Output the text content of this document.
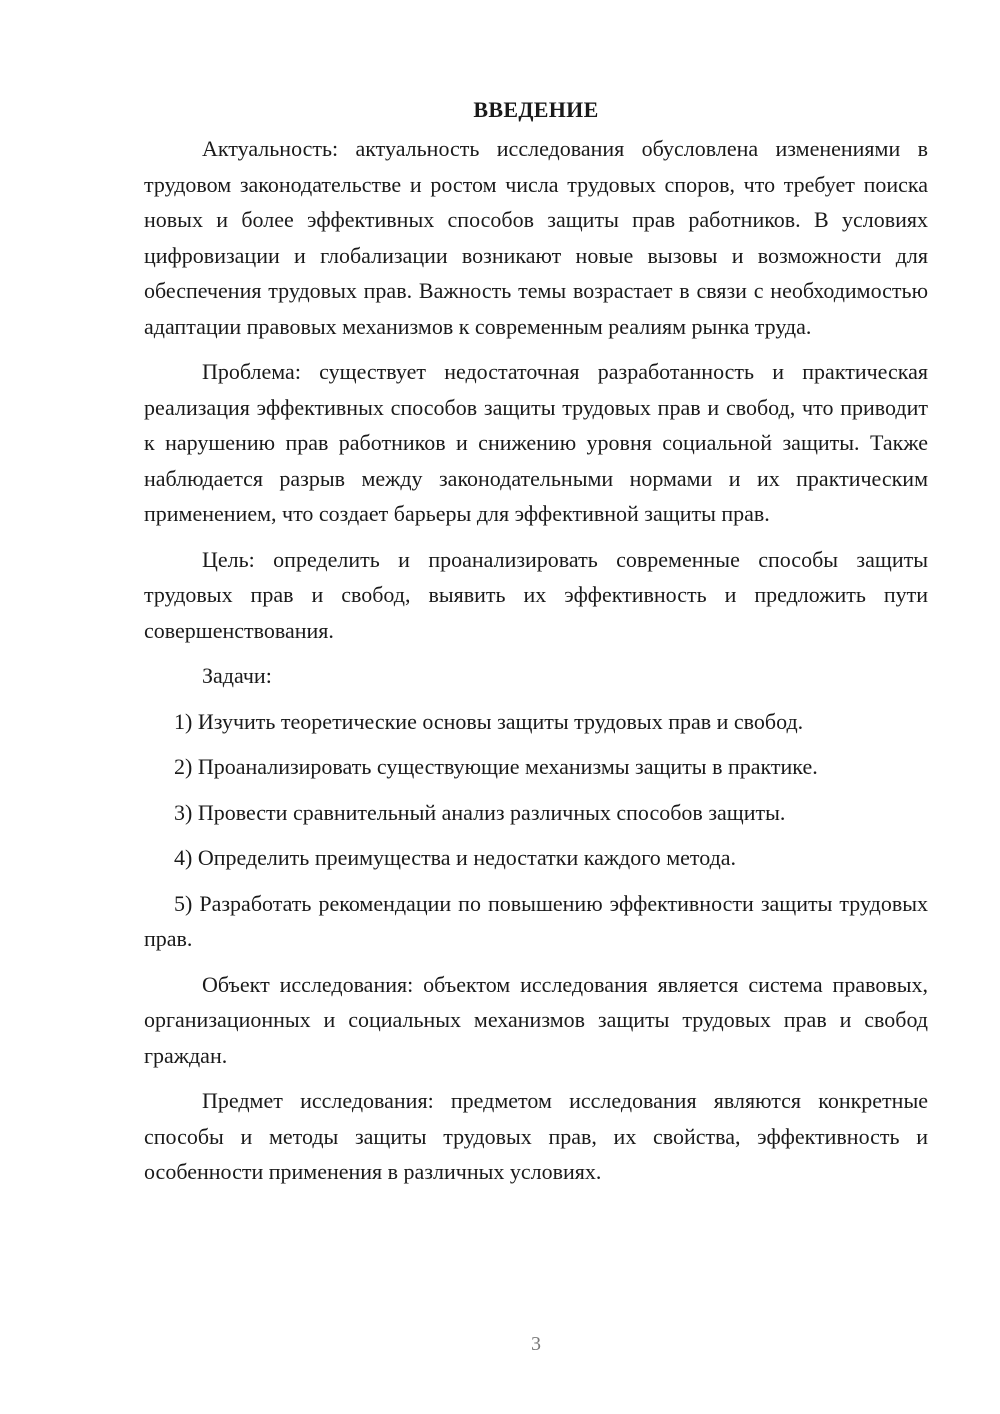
ВВЕДЕНИЕ

Актуальность: актуальность исследования обусловлена изменениями в трудовом законодательстве и ростом числа трудовых споров, что требует поиска новых и более эффективных способов защиты прав работников. В условиях цифровизации и глобализации возникают новые вызовы и возможности для обеспечения трудовых прав. Важность темы возрастает в связи с необходимостью адаптации правовых механизмов к современным реалиям рынка труда.

Проблема: существует недостаточная разработанность и практическая реализация эффективных способов защиты трудовых прав и свобод, что приводит к нарушению прав работников и снижению уровня социальной защиты. Также наблюдается разрыв между законодательными нормами и их практическим применением, что создает барьеры для эффективной защиты прав.

Цель: определить и проанализировать современные способы защиты трудовых прав и свобод, выявить их эффективность и предложить пути совершенствования.

Задачи:

1) Изучить теоретические основы защиты трудовых прав и свобод.

2) Проанализировать существующие механизмы защиты в практике.

3) Провести сравнительный анализ различных способов защиты.

4) Определить преимущества и недостатки каждого метода.

5) Разработать рекомендации по повышению эффективности защиты трудовых прав.

Объект исследования: объектом исследования является система правовых, организационных и социальных механизмов защиты трудовых прав и свобод граждан.

Предмет исследования: предметом исследования являются конкретные способы и методы защиты трудовых прав, их свойства, эффективность и особенности применения в различных условиях.

3
